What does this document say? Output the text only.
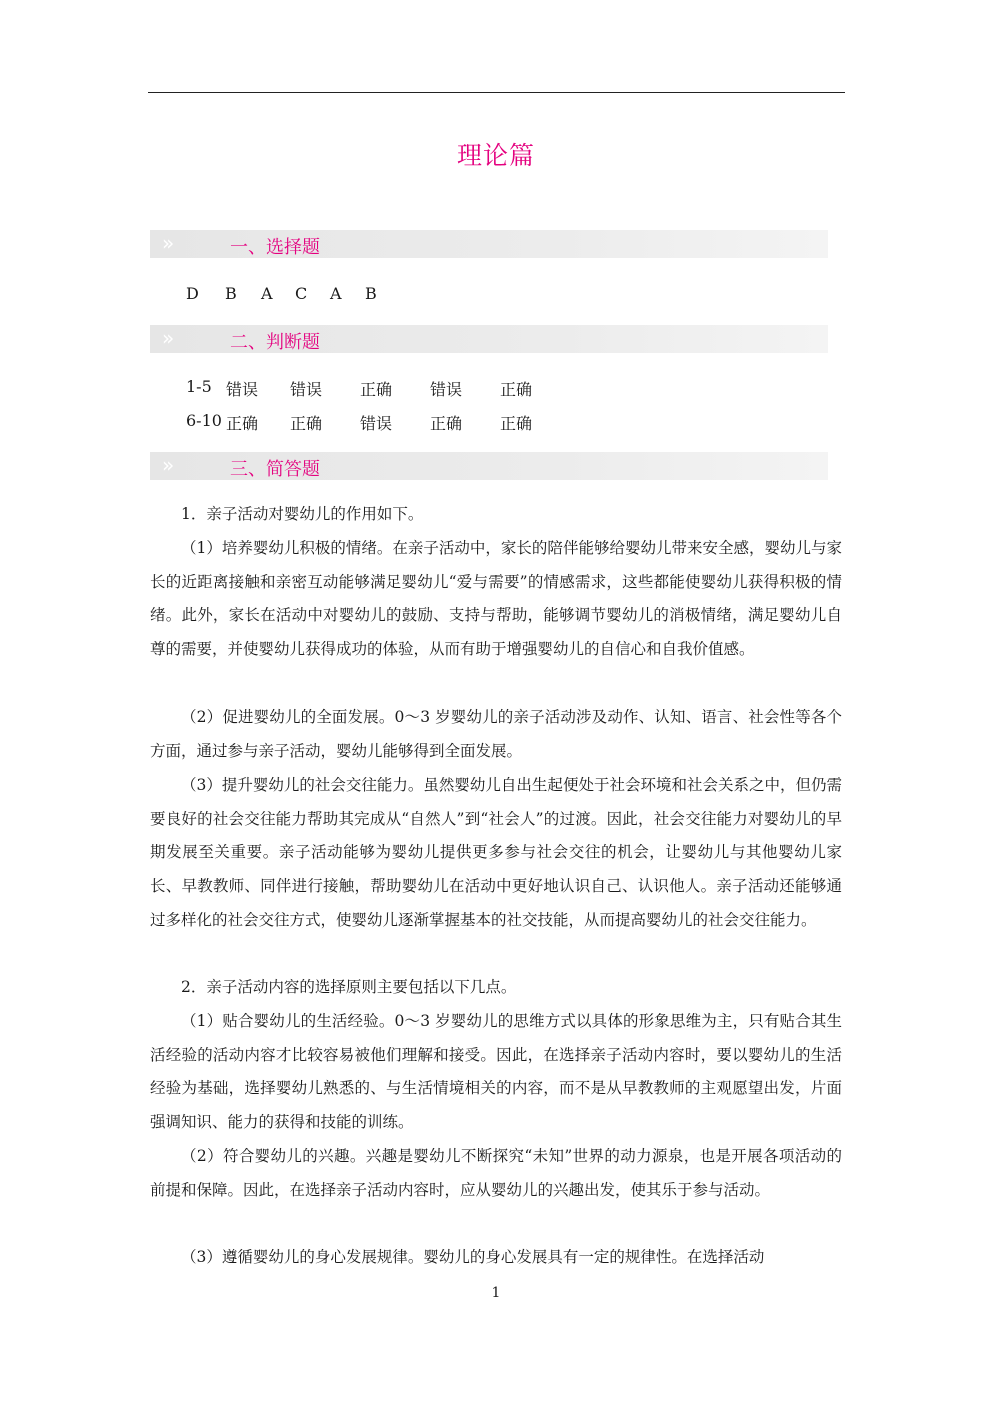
理论篇
»	一、选择题
D B A C A B
»	二、判断题
1-5 错误 错误 正确 错误 正确
6-10 正确 正确 错误 正确 正确
»	三、简答题

1．亲子活动对婴幼儿的作用如下。

（1）培养婴幼儿积极的情绪。在亲子活动中，家长的陪伴能够给婴幼儿带来安全感，婴幼儿与家长的近距离接触和亲密互动能够满足婴幼儿“爱与需要”的情感需求，这些都能使婴幼儿获得积极的情绪。此外，家长在活动中对婴幼儿的鼓励、支持与帮助，能够调节婴幼儿的消极情绪，满足婴幼儿自尊的需要，并使婴幼儿获得成功的体验，从而有助于增强婴幼儿的自信心和自我价值感。

（2）促进婴幼儿的全面发展。0～3 岁婴幼儿的亲子活动涉及动作、认知、语言、社会性等各个方面，通过参与亲子活动，婴幼儿能够得到全面发展。

（3）提升婴幼儿的社会交往能力。虽然婴幼儿自出生起便处于社会环境和社会关系之中，但仍需要良好的社会交往能力帮助其完成从“自然人”到“社会人”的过渡。因此，社会交往能力对婴幼儿的早期发展至关重要。亲子活动能够为婴幼儿提供更多参与社会交往的机会，让婴幼儿与其他婴幼儿家长、早教教师、同伴进行接触，帮助婴幼儿在活动中更好地认识自己、认识他人。亲子活动还能够通过多样化的社会交往方式，使婴幼儿逐渐掌握基本的社交技能，从而提高婴幼儿的社会交往能力。

2．亲子活动内容的选择原则主要包括以下几点。

（1）贴合婴幼儿的生活经验。0～3 岁婴幼儿的思维方式以具体的形象思维为主，只有贴合其生活经验的活动内容才比较容易被他们理解和接受。因此，在选择亲子活动内容时，要以婴幼儿的生活经验为基础，选择婴幼儿熟悉的、与生活情境相关的内容，而不是从早教教师的主观愿望出发，片面强调知识、能力的获得和技能的训练。

（2）符合婴幼儿的兴趣。兴趣是婴幼儿不断探究“未知”世界的动力源泉，也是开展各项活动的前提和保障。因此，在选择亲子活动内容时，应从婴幼儿的兴趣出发，使其乐于参与活动。

（3）遵循婴幼儿的身心发展规律。婴幼儿的身心发展具有一定的规律性。在选择活动

1
